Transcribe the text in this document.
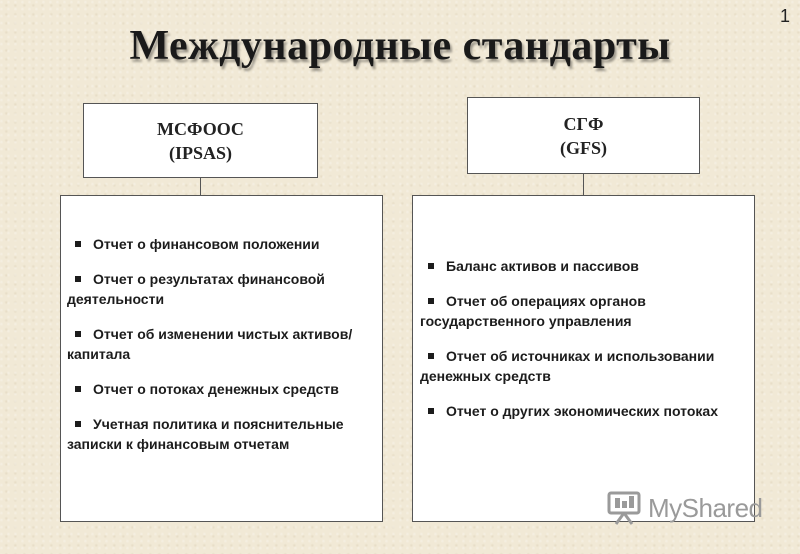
1
Международные стандарты
МСФООС
(IPSAS)
СГФ
(GFS)
Отчет о финансовом положении
Отчет о результатах финансовой деятельности
Отчет об изменении чистых активов/ капитала
Отчет о потоках денежных средств
Учетная политика и пояснительные записки к финансовым отчетам
Баланс активов и пассивов
Отчет об операциях органов государственного управления
Отчет об источниках и использовании денежных средств
Отчет о других экономических потоках
MyShared
